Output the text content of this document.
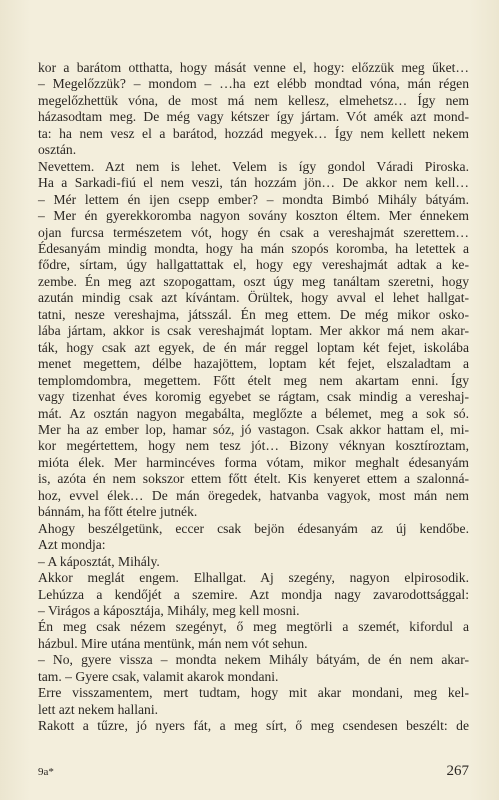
kor a barátom otthatta, hogy mását venne el, hogy: előzzük meg űket…
– Megelőzzük? – mondom – …ha ezt elébb mondtad vóna, mán régen
megelőzhettük vóna, de most má nem kellesz, elmehetsz… Így nem
házasodtam meg. De még vagy kétszer így jártam. Vót amék azt mond-
ta: ha nem vesz el a barátod, hozzád megyek… Így nem kellett nekem
osztán.
Nevettem. Azt nem is lehet. Velem is így gondol Váradi Piroska.
Ha a Sarkadi-fiú el nem veszi, tán hozzám jön… De akkor nem kell…
– Mér lettem én ijen csepp ember? – mondta Bimbó Mihály bátyám.
– Mer én gyerekkoromba nagyon sovány koszton éltem. Mer énnekem
ojan furcsa természetem vót, hogy én csak a vereshajmát szerettem…
Édesanyám mindig mondta, hogy ha mán szopós koromba, ha letettek a
fődre, sírtam, úgy hallgattattak el, hogy egy vereshajmát adtak a ke-
zembe. Én meg azt szopogattam, oszt úgy meg tanáltam szeretni, hogy
azután mindig csak azt kívántam. Örültek, hogy avval el lehet hallgat-
tatni, nesze vereshajma, játsszál. Én meg ettem. De még mikor osko-
lába jártam, akkor is csak vereshajmát loptam. Mer akkor má nem akar-
ták, hogy csak azt egyek, de én már reggel loptam két fejet, iskolába
menet megettem, délbe hazajöttem, loptam két fejet, elszaladtam a
templomdombra, megettem. Főtt ételt meg nem akartam enni. Így
vagy tizenhat éves koromig egyebet se rágtam, csak mindig a vereshaj-
mát. Az osztán nagyon megabálta, meglőzte a bélemet, meg a sok só.
Mer ha az ember lop, hamar sóz, jó vastagon. Csak akkor hattam el, mi-
kor megértettem, hogy nem tesz jót… Bizony véknyan kosztíroztam,
mióta élek. Mer harmincéves forma vótam, mikor meghalt édesanyám
is, azóta én nem sokszor ettem főtt ételt. Kis kenyeret ettem a szalonná-
hoz, evvel élek… De mán öregedek, hatvanba vagyok, most mán nem
bánnám, ha főtt ételre jutnék.
Ahogy beszélgetünk, eccer csak bejön édesanyám az új kendőbe.
Azt mondja:
– A káposztát, Mihály.
Akkor meglát engem. Elhallgat. Aj szegény, nagyon elpirosodik.
Lehúzza a kendőjét a szemire. Azt mondja nagy zavarodottsággal:
– Virágos a káposztája, Mihály, meg kell mosni.
Én meg csak nézem szegényt, ő meg megtörli a szemét, kifordul a
házbul. Mire utána mentünk, mán nem vót sehun.
– No, gyere vissza – mondta nekem Mihály bátyám, de én nem akar-
tam. – Gyere csak, valamit akarok mondani.
Erre visszamentem, mert tudtam, hogy mit akar mondani, meg kel-
lett azt nekem hallani.
Rakott a tűzre, jó nyers fát, a meg sírt, ő meg csendesen beszélt: de
9a*	267
